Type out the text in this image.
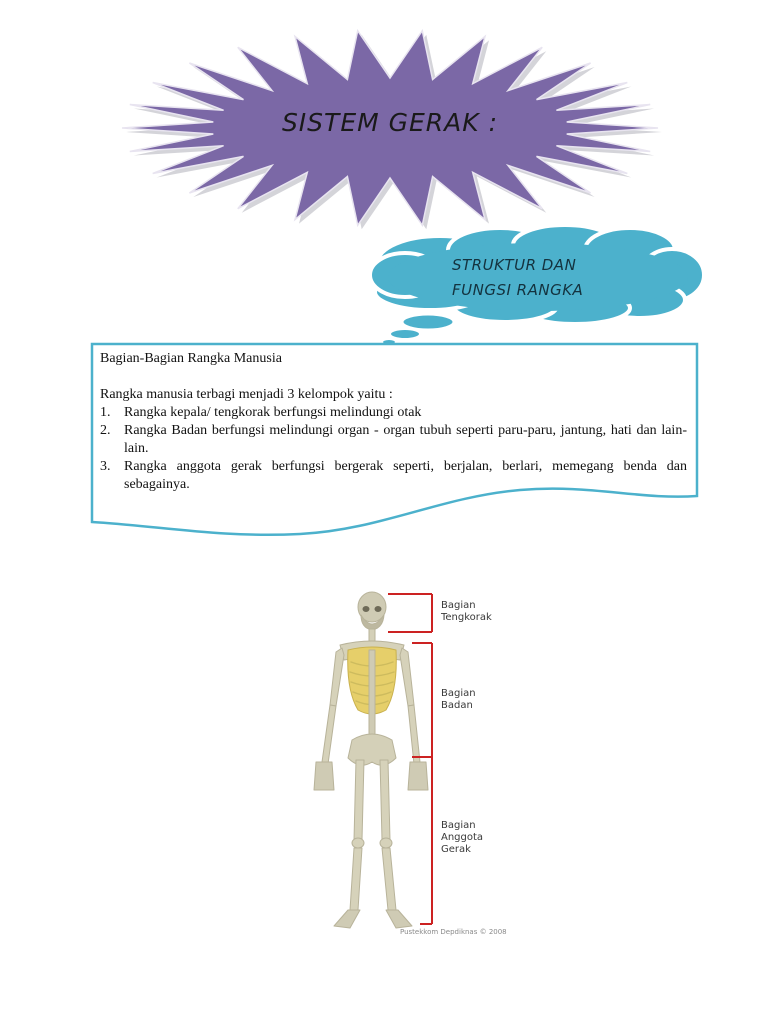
SISTEM GERAK :
STRUKTUR DAN FUNGSI RANGKA

Bagian-Bagian Rangka Manusia

Rangka manusia terbagi menjadi 3 kelompok yaitu :

1. Rangka kepala/ tengkorak berfungsi melindungi otak
2. Rangka Badan berfungsi melindungi organ - organ tubuh seperti paru-paru, jantung, hati dan lain-lain.
3. Rangka anggota gerak berfungsi bergerak seperti, berjalan, berlari, memegang benda dan sebagainya.
Bagian
Tengkorak
Bagian
Badan
Bagian
Anggota
Gerak
Pustekkom Depdiknas © 2008
